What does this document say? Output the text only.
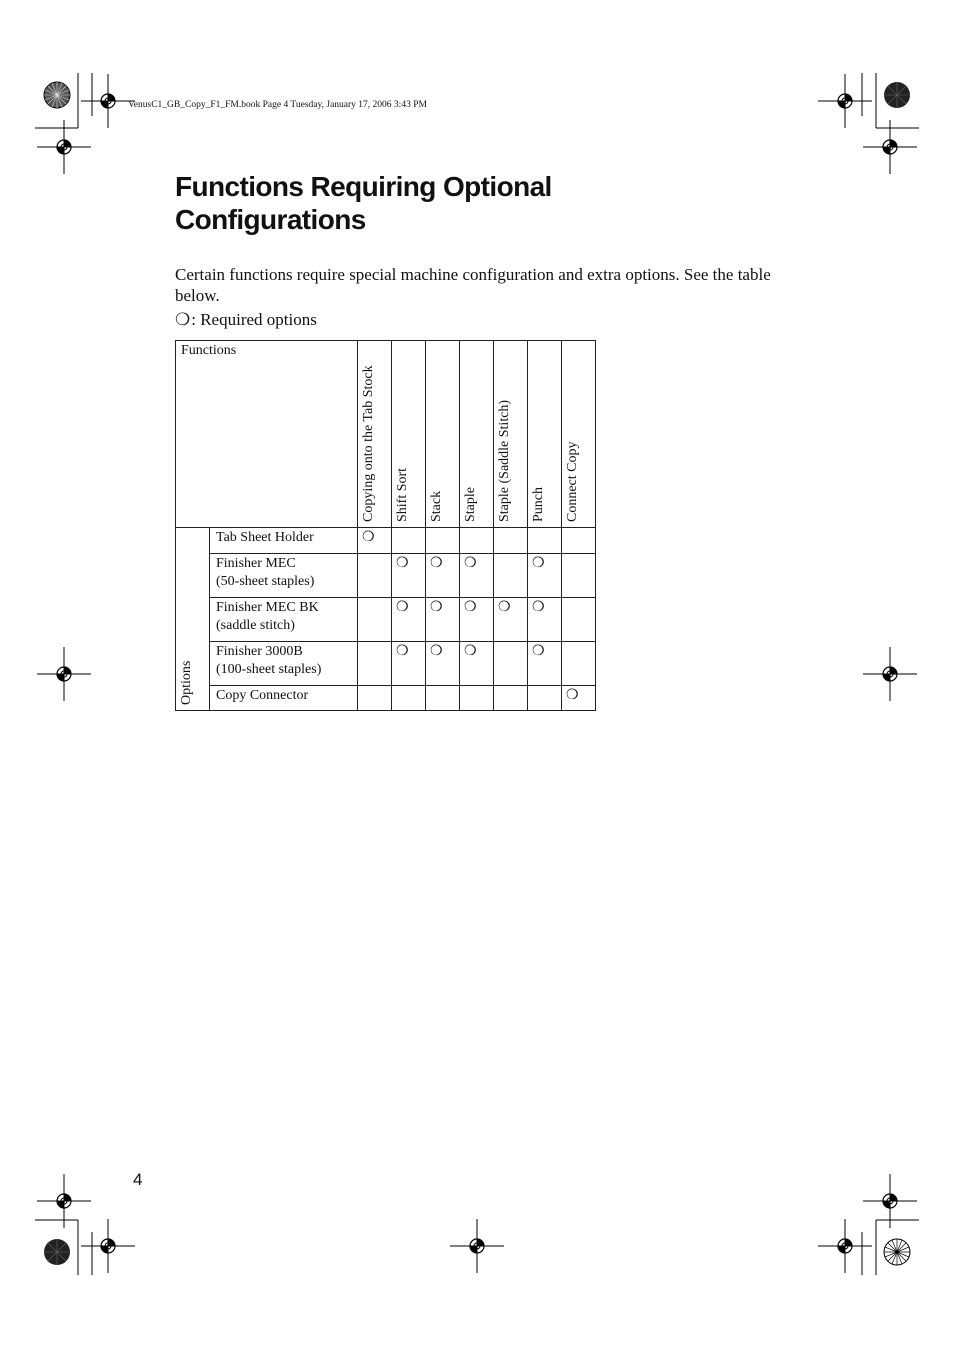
VenusC1_GB_Copy_F1_FM.book Page 4 Tuesday, January 17, 2006 3:43 PM
Functions Requiring Optional
Configurations

Certain functions require special machine configuration and extra options. See the table below.

❍: Required options
Functions		Copying onto the Tab Stock	Shift Sort	Stack	Staple	Staple (Saddle Stitch)	Punch	Connect Copy

Options	Tab Sheet Holder	❍						
	Finisher MEC
(50-sheet staples)		❍	❍	❍		❍	
	Finisher MEC BK
(saddle stitch)		❍	❍	❍	❍	❍	
	Finisher 3000B
(100-sheet staples)		❍	❍	❍		❍	
	Copy Connector							❍
4
